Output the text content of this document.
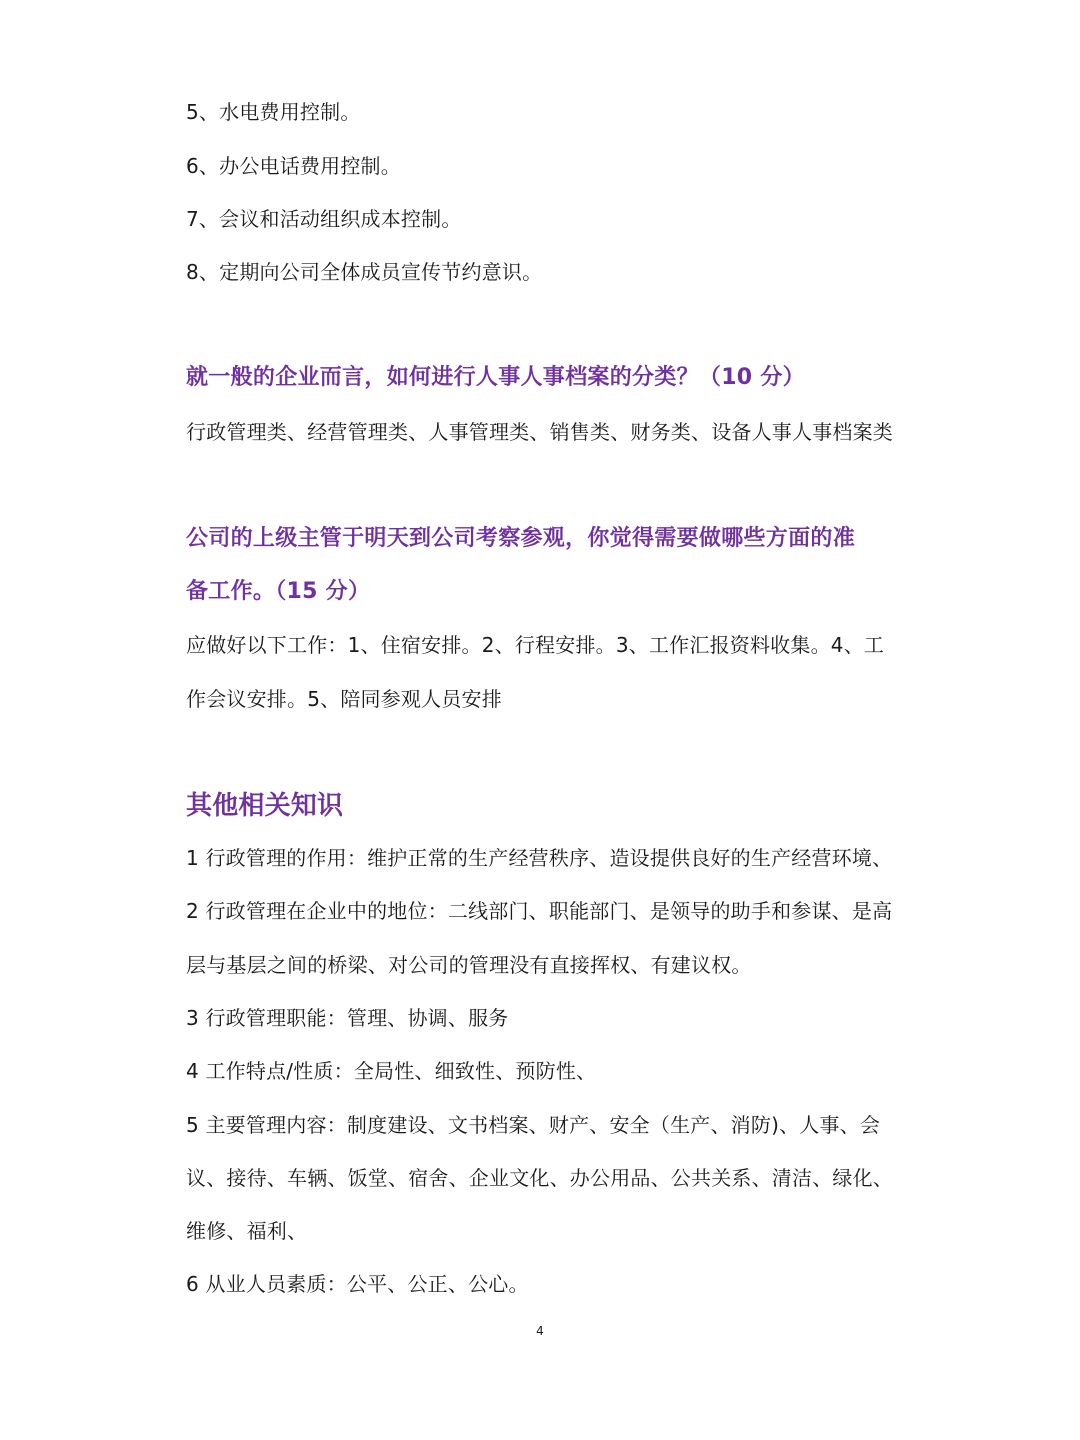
5、水电费用控制。
6、办公电话费用控制。
7、会议和活动组织成本控制。
8、定期向公司全体成员宣传节约意识。
就一般的企业而言，如何进行人事人事档案的分类？（10 分）
行政管理类、经营管理类、人事管理类、销售类、财务类、设备人事人事档案类
公司的上级主管于明天到公司考察参观，你觉得需要做哪些方面的准
备工作。（15 分）
应做好以下工作：1、住宿安排。2、行程安排。3、工作汇报资料收集。4、工
作会议安排。5、陪同参观人员安排
其他相关知识
1 行政管理的作用：维护正常的生产经营秩序、造设提供良好的生产经营环境、
2 行政管理在企业中的地位：二线部门、职能部门、是领导的助手和参谋、是高
层与基层之间的桥梁、对公司的管理没有直接挥权、有建议权。
3 行政管理职能：管理、协调、服务
4 工作特点/性质：全局性、细致性、预防性、
5 主要管理内容：制度建设、文书档案、财产、安全（生产、消防)、人事、会
议、接待、车辆、饭堂、宿舍、企业文化、办公用品、公共关系、清洁、绿化、
维修、福利、
6 从业人员素质：公平、公正、公心。
4
